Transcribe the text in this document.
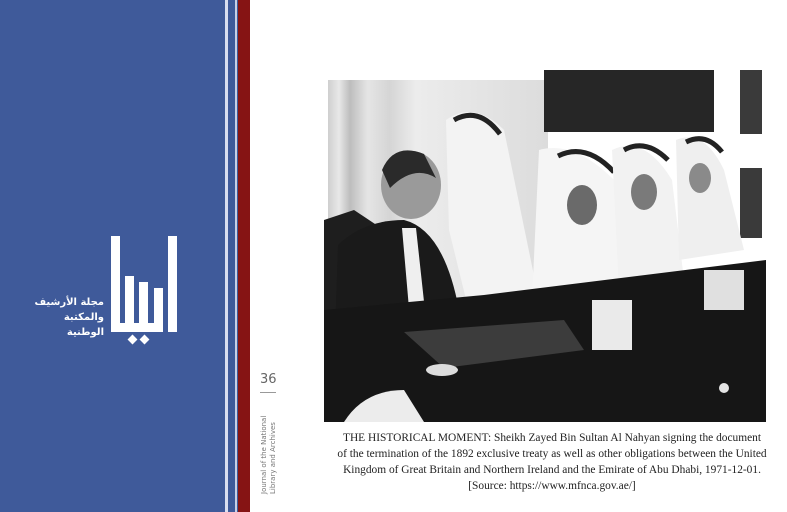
مجلة الأرشيف والمكتبة
الوطنية
36
Journal of the National Library and Archives	THE HISTORICAL MOMENT: Sheikh Zayed Bin Sultan Al Nahyan signing the document
of the termination of the 1892 exclusive treaty as well as other obligations between the United
Kingdom of Great Britain and Northern Ireland and the Emirate of Abu Dhabi, 1971-12-01.
[Source: https://www.mfnca.gov.ae/]
